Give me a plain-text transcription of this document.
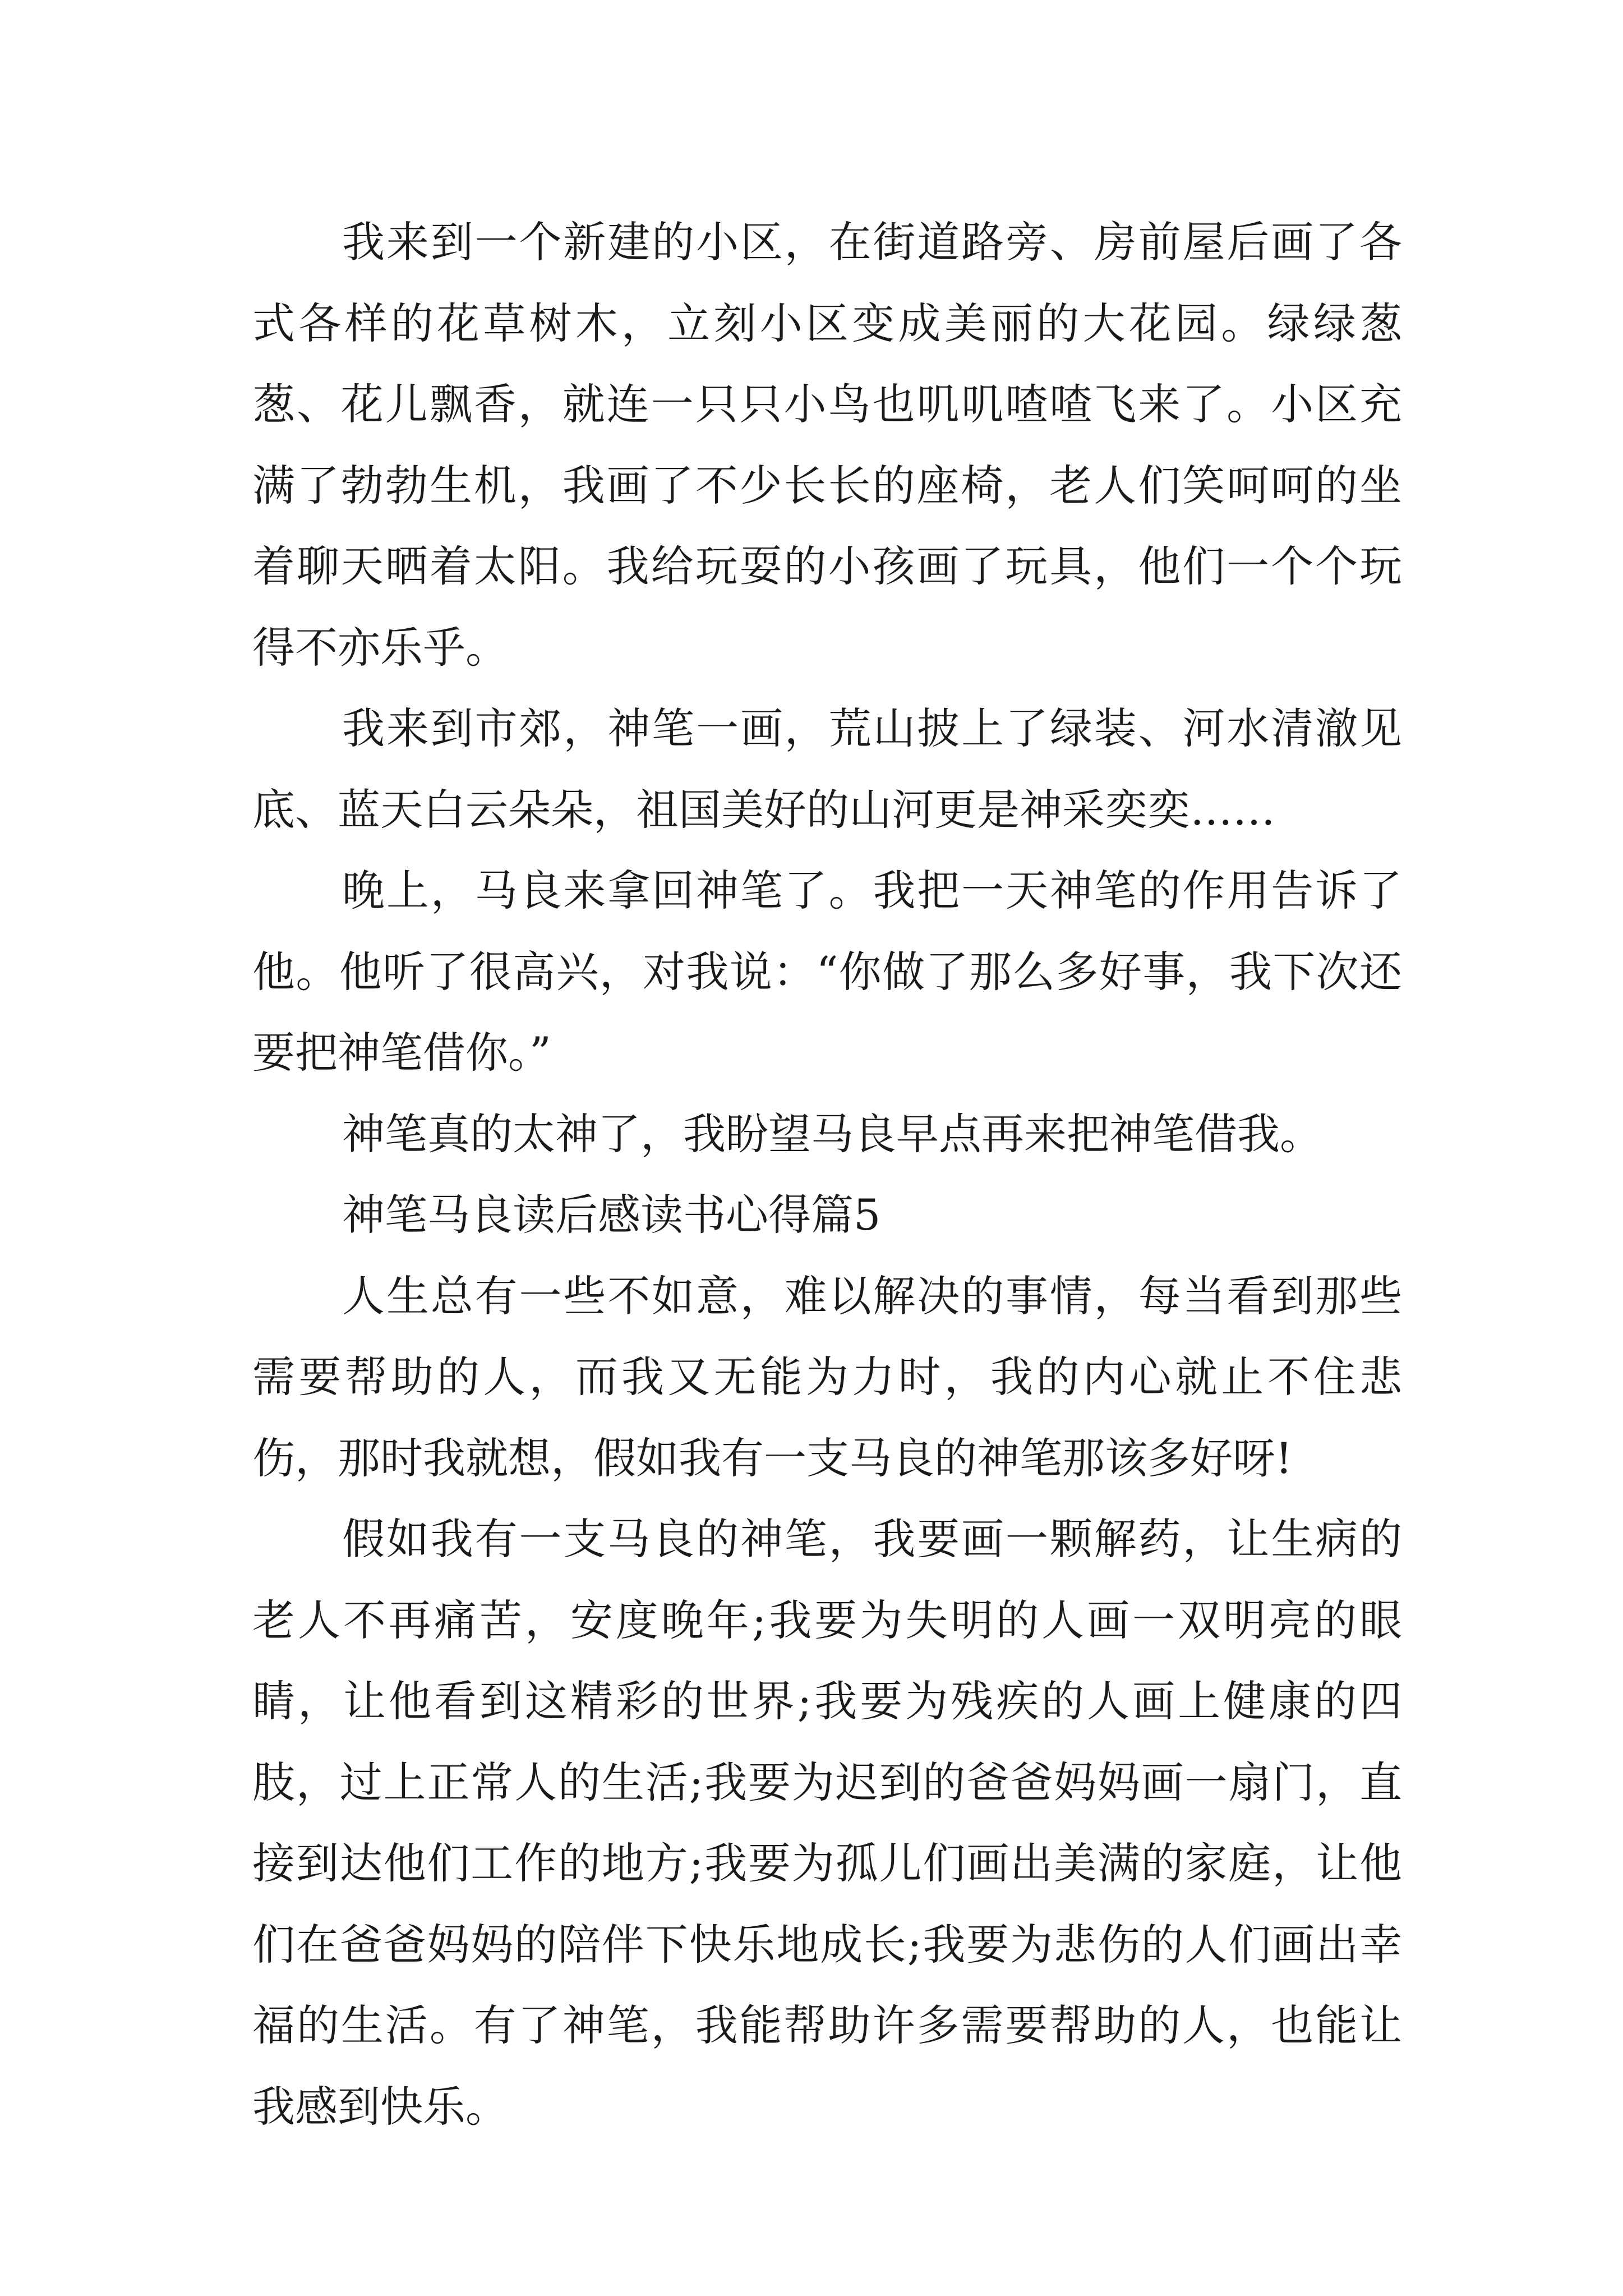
我来到一个新建的小区，在街道路旁、房前屋后画了各式各样的花草树木，立刻小区变成美丽的大花园。绿绿葱葱、花儿飘香，就连一只只小鸟也叽叽喳喳飞来了。小区充满了勃勃生机，我画了不少长长的座椅，老人们笑呵呵的坐着聊天晒着太阳。我给玩耍的小孩画了玩具，他们一个个玩得不亦乐乎。

我来到市郊，神笔一画，荒山披上了绿装、河水清澈见底、蓝天白云朵朵，祖国美好的山河更是神采奕奕……

晚上，马良来拿回神笔了。我把一天神笔的作用告诉了他。他听了很高兴，对我说：“你做了那么多好事，我下次还要把神笔借你。”

神笔真的太神了，我盼望马良早点再来把神笔借我。

神笔马良读后感读书心得篇5

人生总有一些不如意，难以解决的事情，每当看到那些需要帮助的人，而我又无能为力时，我的内心就止不住悲伤，那时我就想，假如我有一支马良的神笔那该多好呀!

假如我有一支马良的神笔，我要画一颗解药，让生病的老人不再痛苦，安度晚年;我要为失明的人画一双明亮的眼睛，让他看到这精彩的世界;我要为残疾的人画上健康的四肢，过上正常人的生活;我要为迟到的爸爸妈妈画一扇门，直接到达他们工作的地方;我要为孤儿们画出美满的家庭，让他们在爸爸妈妈的陪伴下快乐地成长;我要为悲伤的人们画出幸福的生活。有了神笔，我能帮助许多需要帮助的人，也能让我感到快乐。
